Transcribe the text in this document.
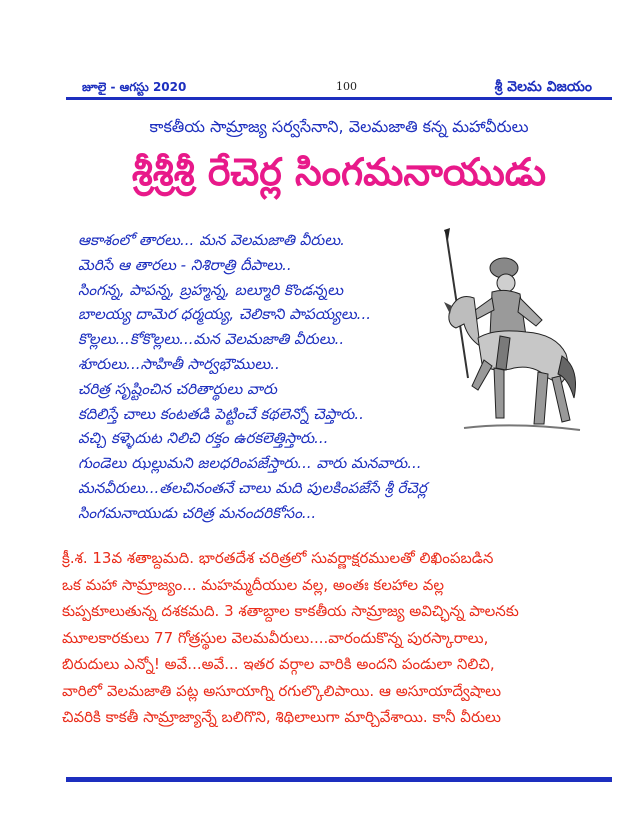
జూలై - ఆగస్టు 2020	100	శ్రీ వెలమ విజయం
కాకతీయ సామ్రాజ్య సర్వసేనాని, వెలమజాతి కన్న మహావీరులు
శ్రీశ్రీశ్రీ రేచెర్ల సింగమనాయుడు
ఆకాశంలో తారలు... మన వెలమజాతి వీరులు.
మెరిసే ఆ తారలు - నిశిరాత్రి దీపాలు..
సింగన్న, పాపన్న, బ్రహ్మన్న, బల్మూరి కొండన్నలు
బాలయ్య దామెర ధర్మయ్య, చెలికాని పాపయ్యలు...
కొల్లలు...కోకొల్లలు...మన వెలమజాతి వీరులు..
శూరులు...సాహితీ సార్వభౌములు..
చరిత్ర సృష్టించిన చరితార్థులు వారు
కదిలిస్తే చాలు కంటతడి పెట్టించే కథలెన్నో చెప్తారు..
వచ్చి కళ్ళెదుట నిలిచి రక్తం ఉరకలెత్తిస్తారు...
గుండెలు ఝల్లుమని జలధరింపజేస్తారు... వారు మనవారు...
మనవీరులు...తలచినంతనే చాలు మది పులకింపజేసే శ్రీ రేచెర్ల
సింగమనాయుడు చరిత్ర మనందరికోసం...
క్రీ.శ. 13వ శతాబ్దమది. భారతదేశ చరిత్రలో సువర్ణాక్షరములతో లిఖింపబడిన
ఒక మహా సామ్రాజ్యం... మహమ్మదీయుల వల్ల, అంతః కలహాల వల్ల
కుప్పకూలుతున్న దశకమది. 3 శతాబ్దాల కాకతీయ సామ్రాజ్య అవిచ్ఛిన్న పాలనకు
మూలకారకులు 77 గోత్రస్థుల వెలమవీరులు....వారందుకొన్న పురస్కారాలు,
బిరుదులు ఎన్నో! అవే...అవే... ఇతర వర్గాల వారికి అందని పండులా నిలిచి,
వారిలో వెలమజాతి పట్ల అసూయాగ్ని రగుల్కొలిపాయి. ఆ అసూయాద్వేషాలు
చివరికి కాకతీ సామ్రాజ్యాన్నే బలిగొని, శిథిలాలుగా మార్చివేశాయి. కానీ వీరులు
